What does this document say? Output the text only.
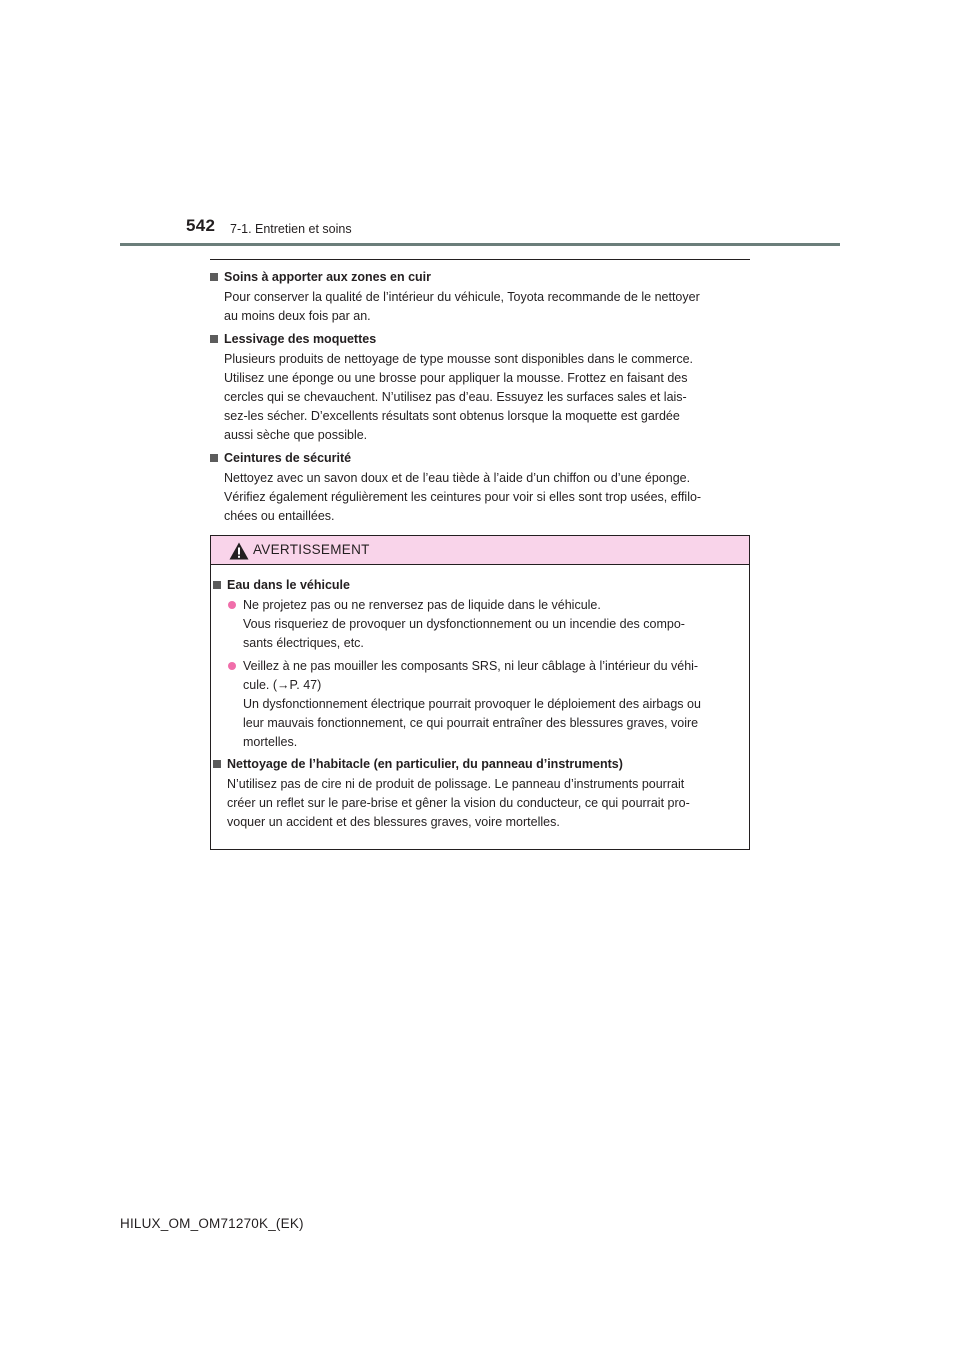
542 7-1. Entretien et soins

Soins à apporter aux zones en cuir

Pour conserver la qualité de l’intérieur du véhicule, Toyota recommande de le nettoyer
au moins deux fois par an.

Lessivage des moquettes

Plusieurs produits de nettoyage de type mousse sont disponibles dans le commerce.
Utilisez une éponge ou une brosse pour appliquer la mousse. Frottez en faisant des
cercles qui se chevauchent. N’utilisez pas d’eau. Essuyez les surfaces sales et lais-
sez-les sécher. D’excellents résultats sont obtenus lorsque la moquette est gardée
aussi sèche que possible.

Ceintures de sécurité

Nettoyez avec un savon doux et de l’eau tiède à l’aide d’un chiffon ou d’une éponge.
Vérifiez également régulièrement les ceintures pour voir si elles sont trop usées, effilo-
chées ou entaillées.

AVERTISSEMENT

Eau dans le véhicule

Ne projetez pas ou ne renversez pas de liquide dans le véhicule.
Vous risqueriez de provoquer un dysfonctionnement ou un incendie des compo-
sants électriques, etc.

Veillez à ne pas mouiller les composants SRS, ni leur câblage à l’intérieur du véhi-
cule. (→P. 47)
Un dysfonctionnement électrique pourrait provoquer le déploiement des airbags ou
leur mauvais fonctionnement, ce qui pourrait entraîner des blessures graves, voire
mortelles.

Nettoyage de l’habitacle (en particulier, du panneau d’instruments)

N’utilisez pas de cire ni de produit de polissage. Le panneau d’instruments pourrait
créer un reflet sur le pare-brise et gêner la vision du conducteur, ce qui pourrait pro-
voquer un accident et des blessures graves, voire mortelles.

HILUX_OM_OM71270K_(EK)
